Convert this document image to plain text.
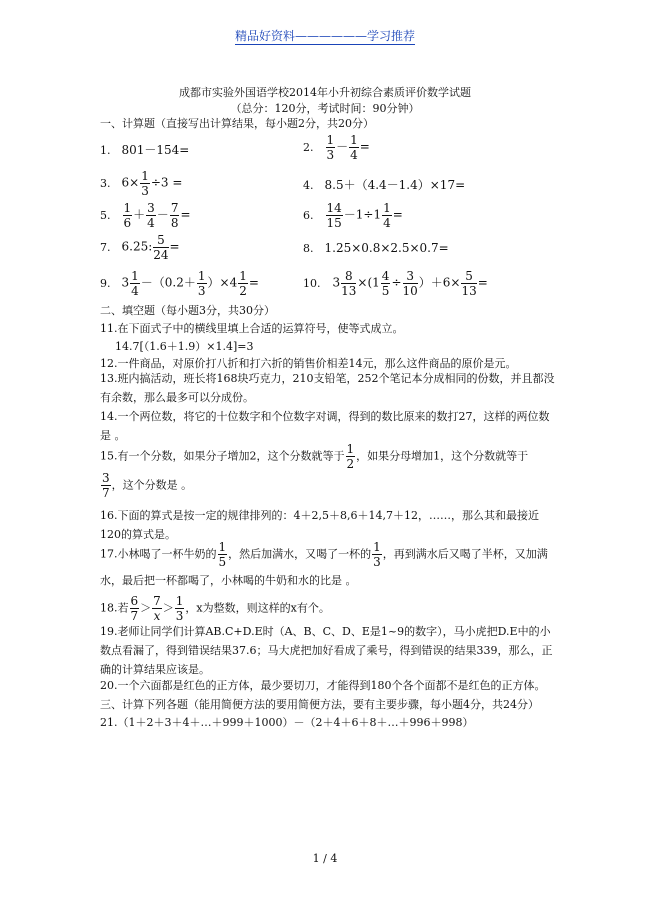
精品好资料——————学习推荐
成都市实验外国语学校2014年小升初综合素质评价数学试题
（总分：120分，考试时间：90分钟）
一、计算题（直接写出计算结果，每小题2分，共20分）
1. 801－154=	2. $\frac{1}{3} - \frac{1}{4}$ =
3. $6\times \frac{1}{3} \div 3$ =	4. 8.5＋（4.4－1.4）×17=
5. $\frac{1}{6} + \frac{3}{4} - \frac{7}{8}$ =	6. $\frac{14}{15} -1\div 1 \frac{1}{4}$ =
7. 6.25: $\frac{5}{24}$ =	8. 1.25×0.8×2.5×0.7=
9. $3 \frac{1}{4} -(0.2+ \frac{1}{3} )\times 4 \frac{1}{2}$ =	10. $3 \frac{8}{13} \times(1 \frac{4}{5} \div \frac{3}{10} )+6\times \frac{5}{13}$ =
二、填空题（每小题3分，共30分）
11.在下面式子中的横线里填上合适的运算符号，使等式成立。
14.7[（1.6＋1.9）×1.4]=3
12.一件商品，对原价打八折和打六折的销售价相差14元，那么这件商品的原价是元。
13.班内搞活动，班长将168块巧克力，210支铅笔，252个笔记本分成相同的份数，并且都没有余数，那么最多可以分成份。
14.一个两位数，将它的十位数字和个位数字对调，得到的数比原来的数打27，这样的两位数是 。
15.有一个分数，如果分子增加2，这个分数就等于 $\frac{1}{2}$ ，如果分母增加1，这个分数就等于

$\frac{3}{7}$ ，这个分数是 。
16.下面的算式是按一定的规律排列的：4＋2,5＋8,6＋14,7＋12，……，那么其和最接近120的算式是。
17.小林喝了一杯牛奶的 $\frac{1}{5}$ ，然后加满水，又喝了一杯的 $\frac{1}{3}$ ，再到满水后又喝了半杯，又加满水，最后把一杯都喝了，小林喝的牛奶和水的比是 。
18.若 $\frac{6}{7} > \frac{7}{x} > \frac{1}{3}$ ，x为整数，则这样的x有个。
19.老师让同学们计算AB.C+D.E时（A、B、C、D、E是1~9的数字），马小虎把D.E中的小数点看漏了，得到错误结果37.6；马大虎把加好看成了乘号，得到错误的结果339，那么，正确的计算结果应该是。
20.一个六面都是红色的正方体，最少要切刀，才能得到180个各个面都不是红色的正方体。
三、计算下列各题（能用简便方法的要用简便方法，要有主要步骤，每小题4分，共24分）
21.（1＋2＋3＋4＋…＋999＋1000）－（2＋4＋6＋8＋…＋996＋998）
1 / 4
